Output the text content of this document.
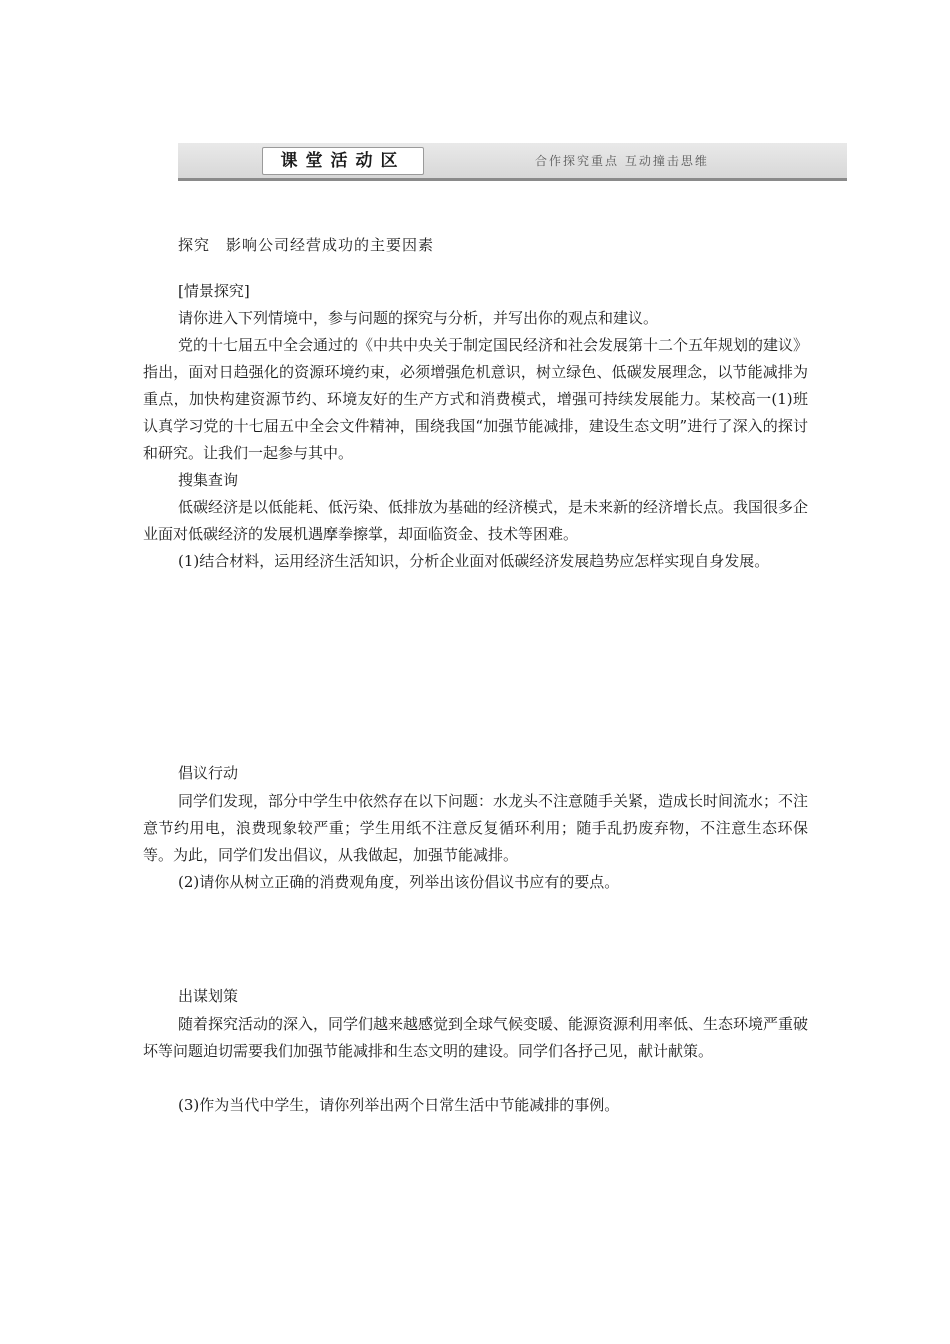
课堂活动区	合作探究重点 互动撞击思维
探究　影响公司经营成功的主要因素
[情景探究]
请你进入下列情境中，参与问题的探究与分析，并写出你的观点和建议。
党的十七届五中全会通过的《中共中央关于制定国民经济和社会发展第十二个五年规划的建议》指出，面对日趋强化的资源环境约束，必须增强危机意识，树立绿色、低碳发展理念，以节能减排为重点，加快构建资源节约、环境友好的生产方式和消费模式，增强可持续发展能力。某校高一(1)班认真学习党的十七届五中全会文件精神，围绕我国“加强节能减排，建设生态文明”进行了深入的探讨和研究。让我们一起参与其中。
搜集查询
低碳经济是以低能耗、低污染、低排放为基础的经济模式，是未来新的经济增长点。我国很多企业面对低碳经济的发展机遇摩拳擦掌，却面临资金、技术等困难。
(1)结合材料，运用经济生活知识，分析企业面对低碳经济发展趋势应怎样实现自身发展。
倡议行动
同学们发现，部分中学生中依然存在以下问题：水龙头不注意随手关紧，造成长时间流水；不注意节约用电，浪费现象较严重；学生用纸不注意反复循环利用；随手乱扔废弃物，不注意生态环保等。为此，同学们发出倡议，从我做起，加强节能减排。
(2)请你从树立正确的消费观角度，列举出该份倡议书应有的要点。
出谋划策
随着探究活动的深入，同学们越来越感觉到全球气候变暖、能源资源利用率低、生态环境严重破坏等问题迫切需要我们加强节能减排和生态文明的建设。同学们各抒己见，献计献策。
(3)作为当代中学生，请你列举出两个日常生活中节能减排的事例。
